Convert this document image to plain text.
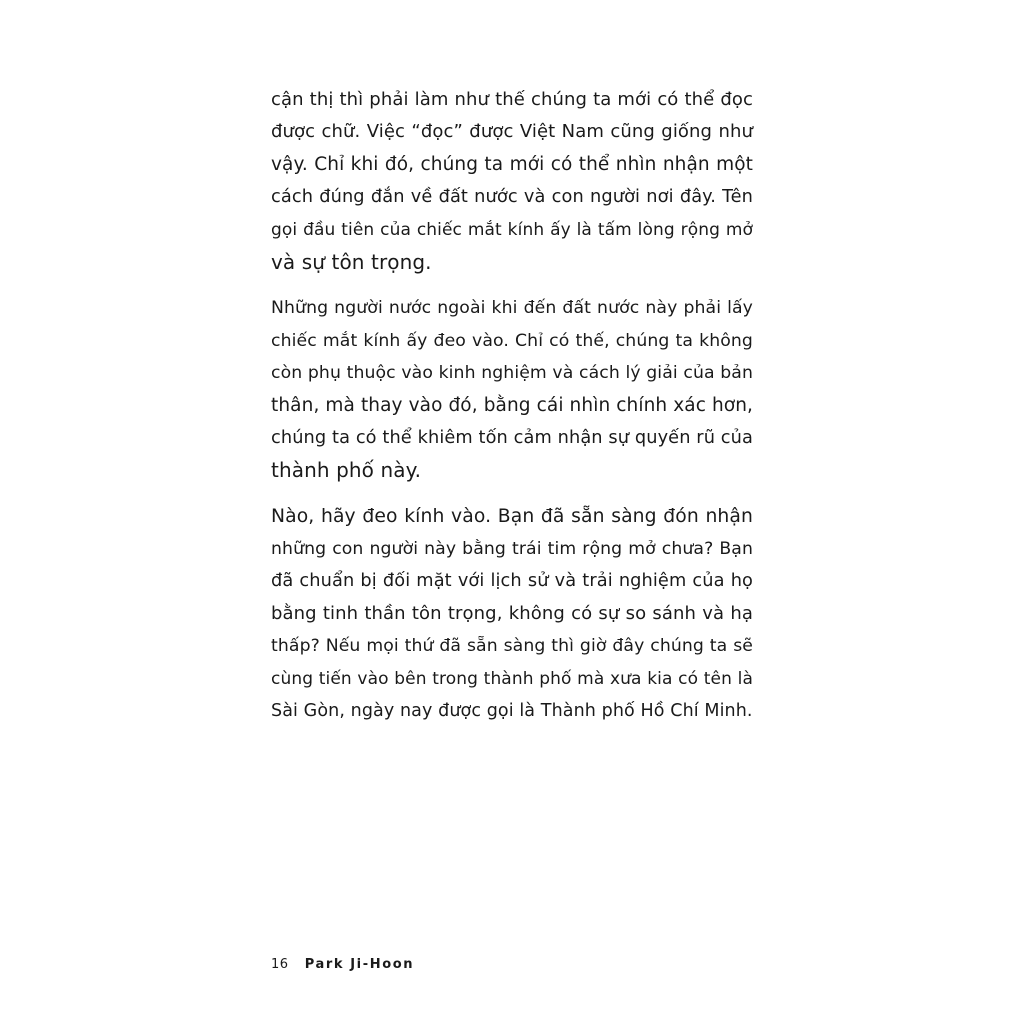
cận thị thì phải làm như thế chúng ta mới có thể đọc
được chữ. Việc “đọc” được Việt Nam cũng giống như
vậy. Chỉ khi đó, chúng ta mới có thể nhìn nhận một
cách đúng đắn về đất nước và con người nơi đây. Tên
gọi đầu tiên của chiếc mắt kính ấy là tấm lòng rộng mở
và sự tôn trọng.

Những người nước ngoài khi đến đất nước này phải lấy
chiếc mắt kính ấy đeo vào. Chỉ có thế, chúng ta không
còn phụ thuộc vào kinh nghiệm và cách lý giải của bản
thân, mà thay vào đó, bằng cái nhìn chính xác hơn,
chúng ta có thể khiêm tốn cảm nhận sự quyến rũ của
thành phố này.

Nào, hãy đeo kính vào. Bạn đã sẵn sàng đón nhận
những con người này bằng trái tim rộng mở chưa? Bạn
đã chuẩn bị đối mặt với lịch sử và trải nghiệm của họ
bằng tinh thần tôn trọng, không có sự so sánh và hạ
thấp? Nếu mọi thứ đã sẵn sàng thì giờ đây chúng ta sẽ
cùng tiến vào bên trong thành phố mà xưa kia có tên là
Sài Gòn, ngày nay được gọi là Thành phố Hồ Chí Minh.

16 Park Ji-Hoon
